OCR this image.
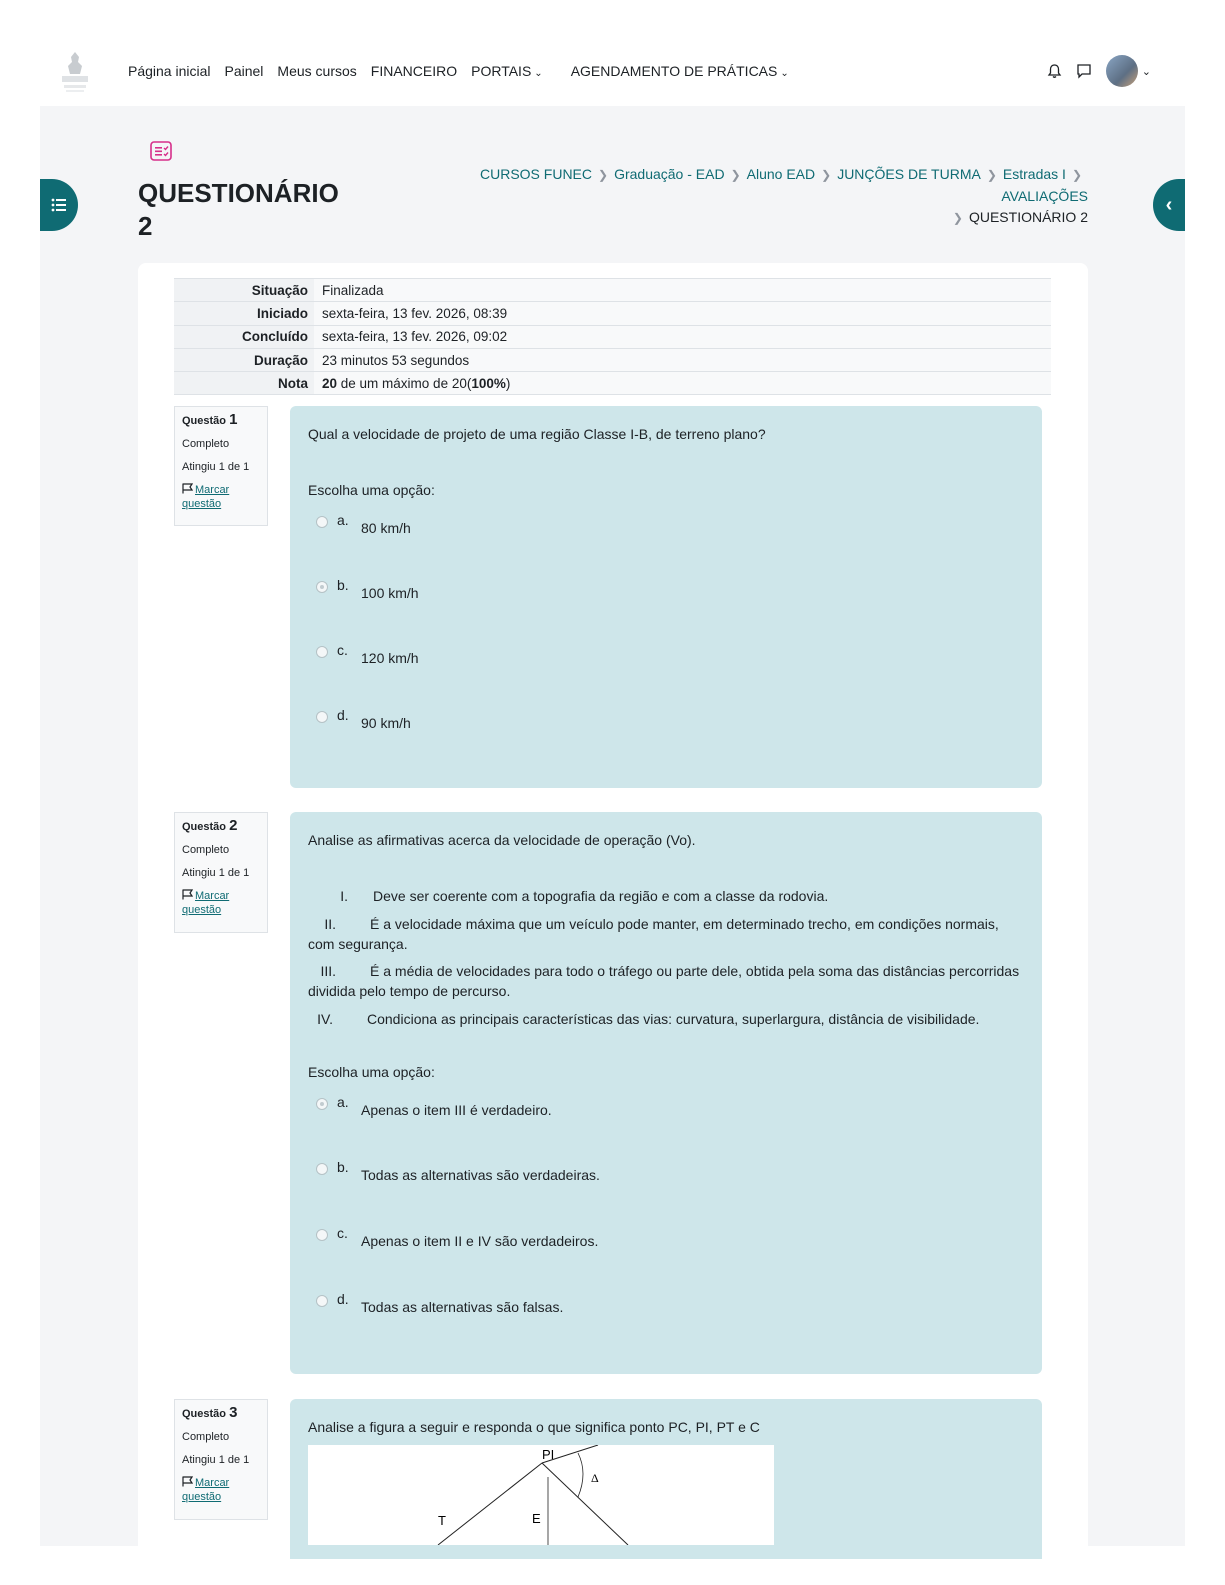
Página inicial Painel Meus cursos FINANCEIRO PORTAIS ⌄	AGENDAMENTO DE PRÁTICAS ⌄	⌄
‹
QUESTIONÁRIO 2
CURSOS FUNEC ❯ Graduação - EAD ❯ Aluno EAD ❯ JUNÇÕES DE TURMA ❯ Estradas I ❯AVALIAÇÕES
❯ QUESTIONÁRIO 2
Situação	Finalizada
Iniciado	sexta-feira, 13 fev. 2026, 08:39
Concluído	sexta-feira, 13 fev. 2026, 09:02
Duração	23 minutos 53 segundos
Nota	20 de um máximo de 20(100%)
Questão 1
Completo
Atingiu 1 de 1
Marcar questão
Qual a velocidade de projeto de uma região Classe I-B, de terreno plano?
Escolha uma opção:
a. 80 km/h
b. 100 km/h
c. 120 km/h
d. 90 km/h
Questão 2
Completo
Atingiu 1 de 1
Marcar questão
Analise as afirmativas acerca da velocidade de operação (Vo).
I. Deve ser coerente com a topografia da região e com a classe da rodovia.
II. É a velocidade máxima que um veículo pode manter, em determinado trecho, em condições normais, com segurança.
III. É a média de velocidades para todo o tráfego ou parte dele, obtida pela soma das distâncias percorridas dividida pelo tempo de percurso.
IV. Condiciona as principais características das vias: curvatura, superlargura, distância de visibilidade.
Escolha uma opção:
a. Apenas o item III é verdadeiro.
b. Todas as alternativas são verdadeiras.
c. Apenas o item II e IV são verdadeiros.
d. Todas as alternativas são falsas.
Questão 3
Completo
Atingiu 1 de 1
Marcar questão
Analise a figura a seguir e responda o que significa ponto PC, PI, PT e C
PI
Δ
T	E
